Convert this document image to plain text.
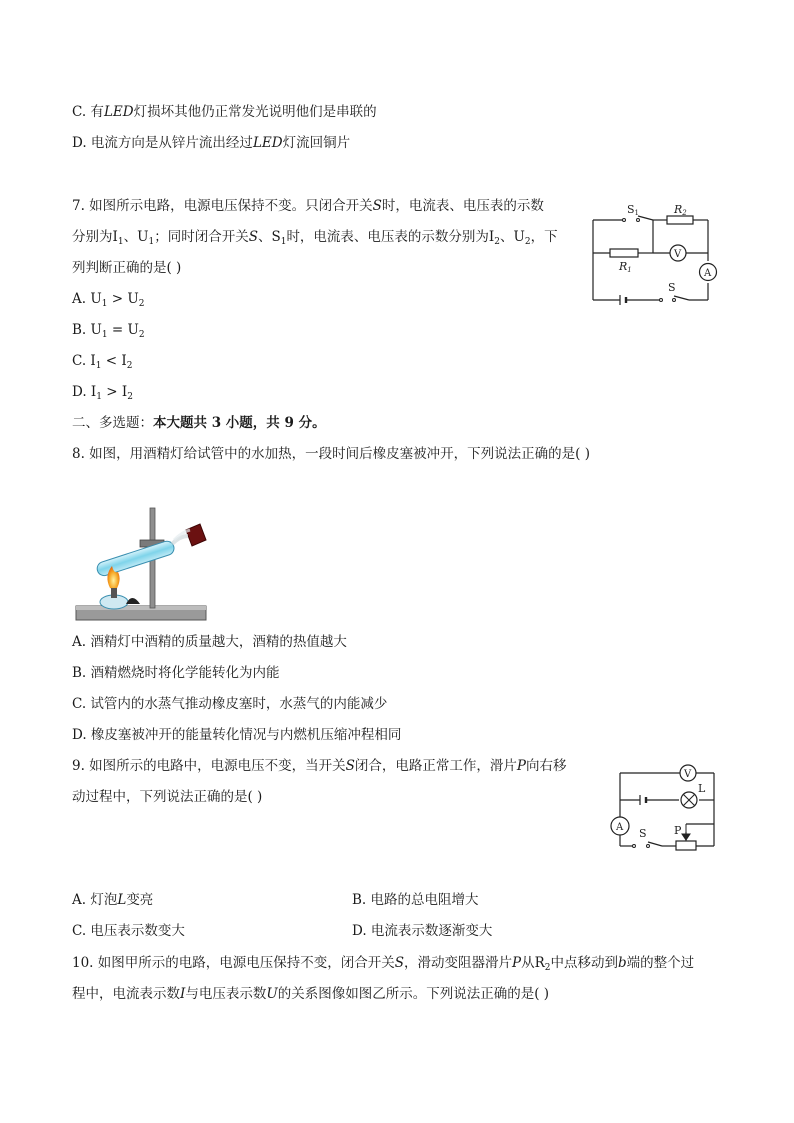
C. 有LED灯损坏其他仍正常发光说明他们是串联的
D. 电流方向是从锌片流出经过LED灯流回铜片
7. 如图所示电路，电源电压保持不变。只闭合开关S时，电流表、电压表的示数
分别为$I_1$、$U_1$；同时闭合开关S、$S_1$时，电流表、电压表的示数分别为$I_2$、$U_2$，下
列判断正确的是( )
A. $U_1 > U_2$
B. $U_1 = U_2$
C. $I_1 < I_2$
D. $I_1 > I_2$
S1	R2
R1
V
A
S
二、多选题：本大题共 3 小题，共 9 分。
8. 如图，用酒精灯给试管中的水加热，一段时间后橡皮塞被冲开，下列说法正确的是( )
A. 酒精灯中酒精的质量越大，酒精的热值越大
B. 酒精燃烧时将化学能转化为内能
C. 试管内的水蒸气推动橡皮塞时，水蒸气的内能减少
D. 橡皮塞被冲开的能量转化情况与内燃机压缩冲程相同
9. 如图所示的电路中，电源电压不变，当开关S闭合，电路正常工作，滑片P向右移
动过程中，下列说法正确的是( )
V
L
A S P
A. 灯泡L变亮	B. 电路的总电阻增大
C. 电压表示数变大	D. 电流表示数逐渐变大
10. 如图甲所示的电路，电源电压保持不变，闭合开关S，滑动变阻器滑片P从$R_2$中点移动到b端的整个过
程中，电流表示数I与电压表示数U的关系图像如图乙所示。下列说法正确的是( )
